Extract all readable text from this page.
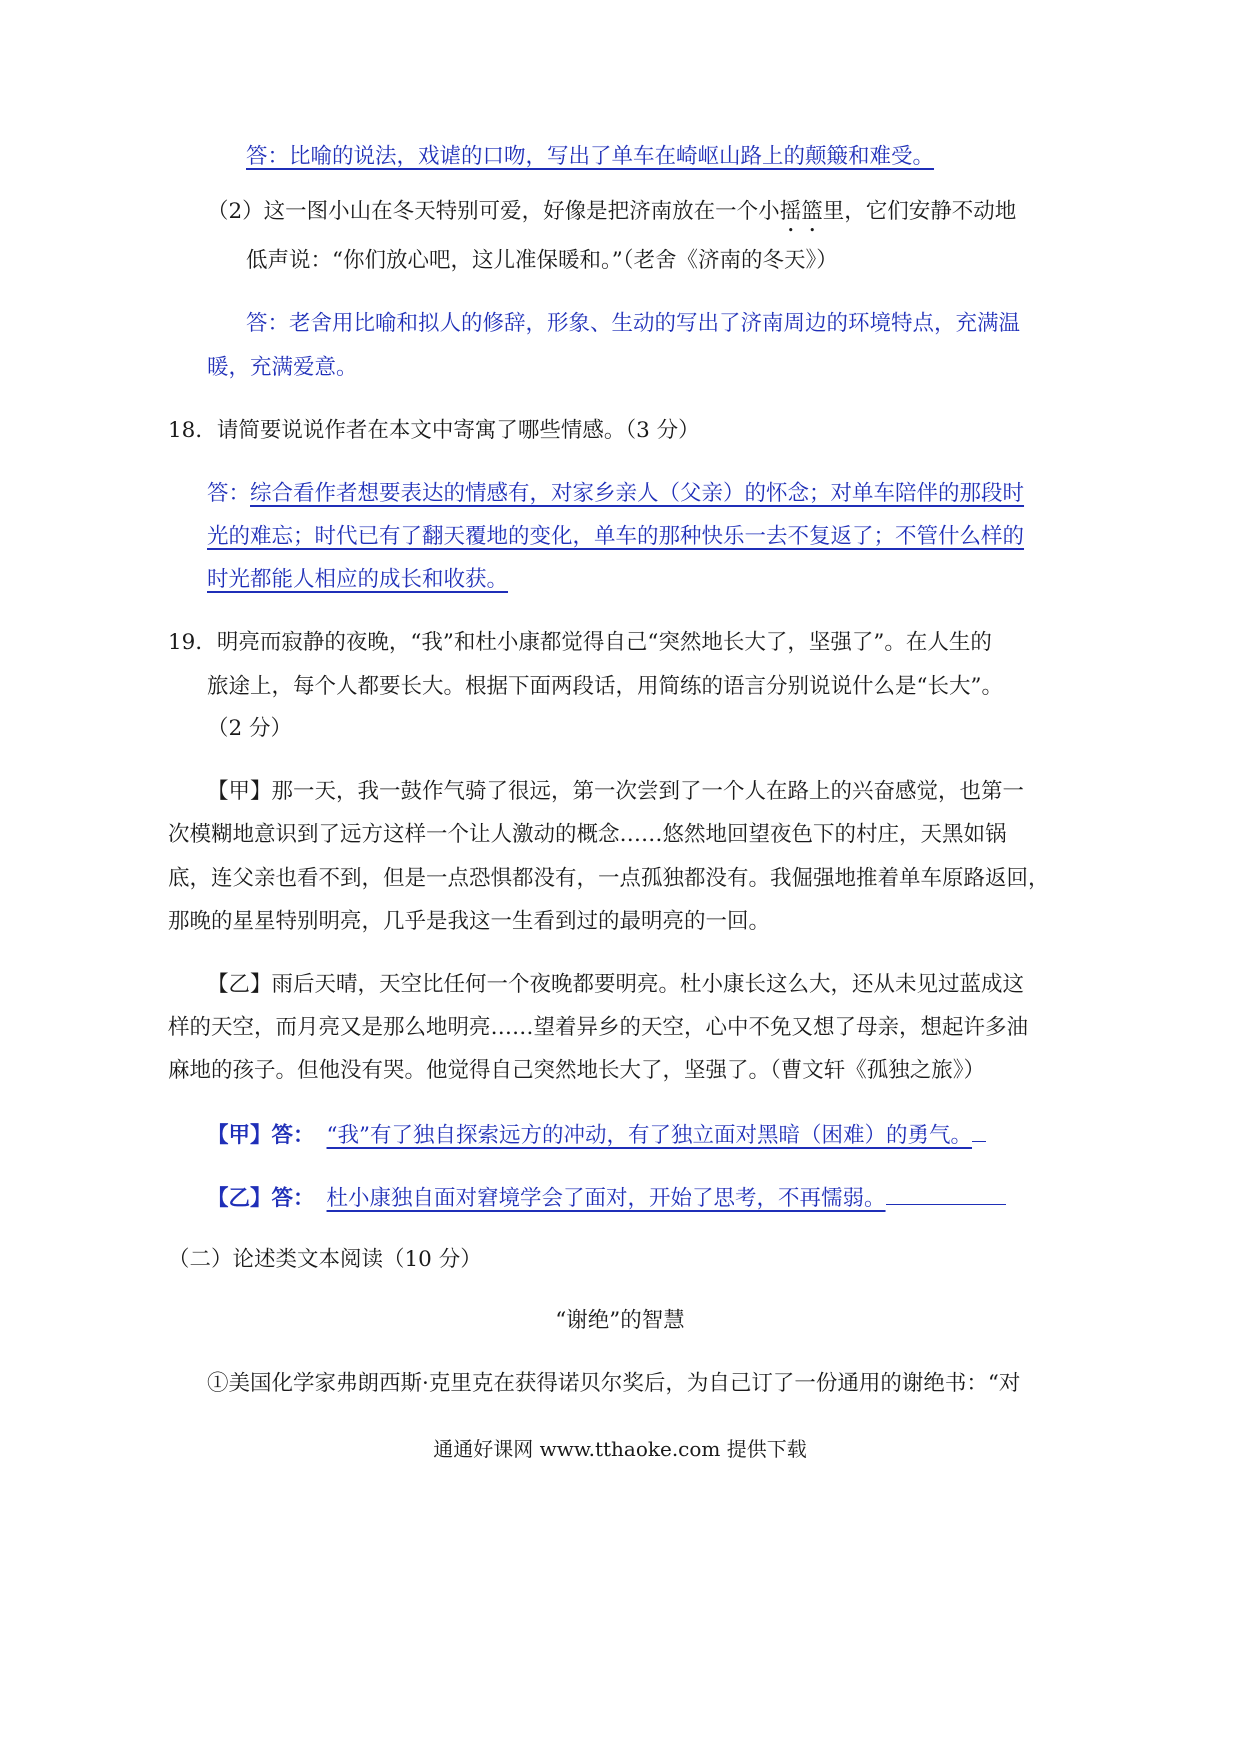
答：比喻的说法，戏谑的口吻，写出了单车在崎岖山路上的颠簸和难受。
（2）这一图小山在冬天特别可爱，好像是把济南放在一个小摇篮里，它们安静不动地
低声说：“你们放心吧，这儿准保暖和。”（老舍《济南的冬天》）
答：老舍用比喻和拟人的修辞，形象、生动的写出了济南周边的环境特点，充满温
暖，充满爱意。
18．请简要说说作者在本文中寄寓了哪些情感。（3 分）
答：综合看作者想要表达的情感有，对家乡亲人（父亲）的怀念；对单车陪伴的那段时
光的难忘；时代已有了翻天覆地的变化，单车的那种快乐一去不复返了；不管什么样的
时光都能人相应的成长和收获。
19．明亮而寂静的夜晚，“我”和杜小康都觉得自己“突然地长大了，坚强了”。在人生的
旅途上，每个人都要长大。根据下面两段话，用简练的语言分别说说什么是“长大”。
（2 分）
【甲】那一天，我一鼓作气骑了很远，第一次尝到了一个人在路上的兴奋感觉，也第一
次模糊地意识到了远方这样一个让人激动的概念……悠然地回望夜色下的村庄，天黑如锅
底，连父亲也看不到，但是一点恐惧都没有，一点孤独都没有。我倔强地推着单车原路返回，
那晚的星星特别明亮，几乎是我这一生看到过的最明亮的一回。
【乙】雨后天晴，天空比任何一个夜晚都要明亮。杜小康长这么大，还从未见过蓝成这
样的天空，而月亮又是那么地明亮……望着异乡的天空，心中不免又想了母亲，想起许多油
麻地的孩子。但他没有哭。他觉得自己突然地长大了，坚强了。（曹文轩《孤独之旅》）
【甲】答： “我”有了独自探索远方的冲动，有了独立面对黑暗（困难）的勇气。
【乙】答： 杜小康独自面对窘境学会了面对，开始了思考，不再懦弱。
（二）论述类文本阅读（10 分）
“谢绝”的智慧
①美国化学家弗朗西斯·克里克在获得诺贝尔奖后，为自己订了一份通用的谢绝书：“对
通通好课网 www.tthaoke.com 提供下载
